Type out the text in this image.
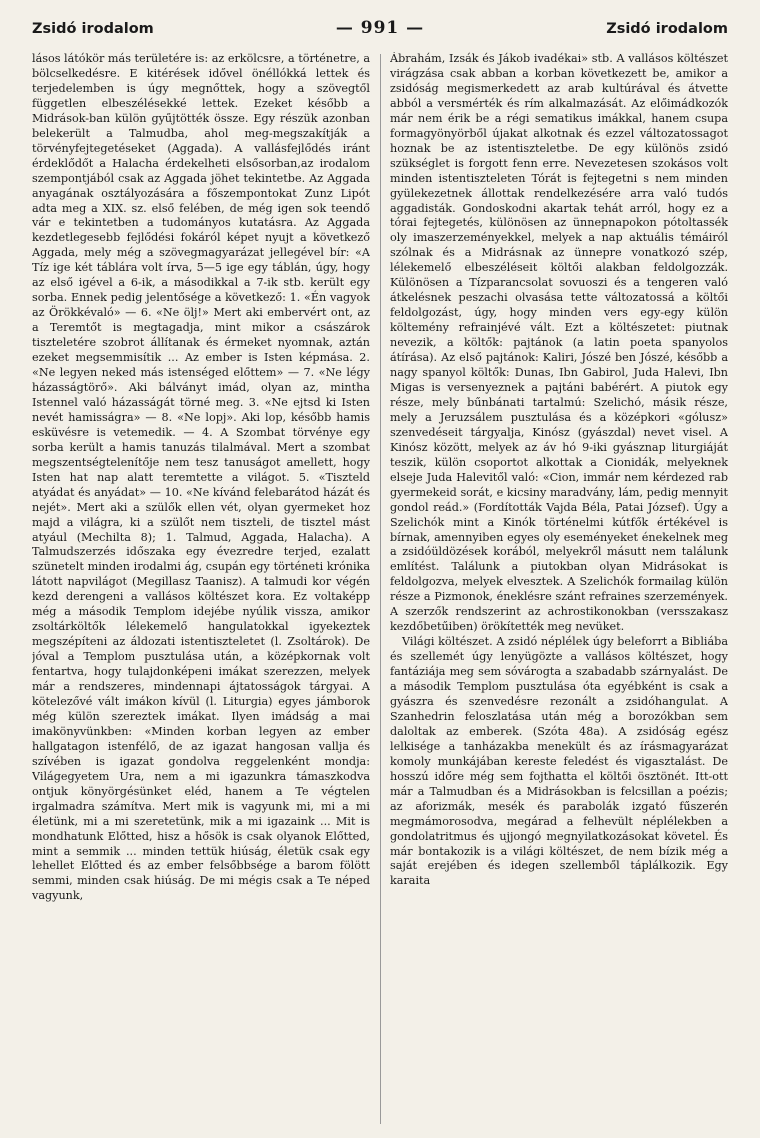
Zsidó irodalom	— 991 —	Zsidó irodalom

lásos látókör más területére is: az erkölcsre, a történetre, a bölcselkedésre. E kitérések idővel önéllókká lettek és terjedelemben is úgy megnőttek, hogy a szövegtől független elbeszélésekké lettek. Ezeket később a Midrások-ban külön gyűjtötték össze. Egy részük azonban belekerült a Talmudba, ahol meg-megszakítják a törvényfejtegetéseket (Aggada). A vallásfejlődés iránt érdeklődőt a Halacha érdekelheti elsősorban,az irodalom szempontjából csak az Aggada jöhet tekintetbe. Az Aggada anyagának osztályozására a főszempontokat Zunz Lipót adta meg a XIX. sz. első felében, de még igen sok teendő vár e tekintetben a tudományos kutatásra. Az Aggada kezdetlegesebb fejlődési fokáról képet nyujt a következő Aggada, mely még a szövegmagyarázat jellegével bír: «A Tíz ige két táblára volt írva, 5—5 ige egy táblán, úgy, hogy az első igével a 6-ik, a másodikkal a 7-ik stb. került egy sorba. Ennek pedig jelentősége a következő: 1. «Én vagyok az Örökkévaló» — 6. «Ne ölj!» Mert aki embervért ont, az a Teremtőt is megtagadja, mint mikor a császárok tiszteletére szobrot állítanak és érmeket nyomnak, aztán ezeket megsemmisítik ... Az ember is Isten képmása. 2. «Ne legyen neked más istenséged előttem» — 7. «Ne légy házasságtörő». Aki bálványt imád, olyan az, mintha Istennel való házasságát törné meg. 3. «Ne ejtsd ki Isten nevét hamisságra» — 8. «Ne lopj». Aki lop, később hamis esküvésre is vetemedik. — 4. A Szombat törvénye egy sorba került a hamis tanuzás tilalmával. Mert a szombat megszentségtelenítője nem tesz tanuságot amellett, hogy Isten hat nap alatt teremtette a világot. 5. «Tiszteld atyádat és anyádat» — 10. «Ne kívánd felebarátod házát és nejét». Mert aki a szülők ellen vét, olyan gyermeket hoz majd a világra, ki a szülőt nem tiszteli, de tisztel mást atyául (Mechilta 8); 1. Talmud, Aggada, Halacha). A Talmudszerzés időszaka egy évezredre terjed, ezalatt szünetelt minden irodalmi ág, csupán egy történeti krónika látott napvilágot (Megillasz Taanisz). A talmudi kor végén kezd derengeni a vallásos költészet kora. Ez voltaképp még a második Templom idejébe nyúlik vissza, amikor zsoltárköltők lélekemelő hangulatokkal igyekeztek megszépíteni az áldozati istentiszteletet (l. Zsoltárok). De jóval a Templom pusztulása után, a középkornak volt fentartva, hogy tulajdonképeni imákat szerezzen, melyek már a rendszeres, mindennapi ájtatosságok tárgyai. A kötelezővé vált imákon kívül (l. Liturgia) egyes jámborok még külön szereztek imákat. Ilyen imádság a mai imakönyvünkben: «Minden korban legyen az ember hallgatagon istenfélő, de az igazat hangosan vallja és szívében is igazat gondolva reggelenként mondja: Világegyetem Ura, nem a mi igazunkra támaszkodva ontjuk könyörgésünket eléd, hanem a Te végtelen irgalmadra számítva. Mert mik is vagyunk mi, mi a mi életünk, mi a mi szeretetünk, mik a mi igazaink ... Mit is mondhatunk Előtted, hisz a hősök is csak olyanok Előtted, mint a semmik ... minden tettük hiúság, életük csak egy lehellet Előtted és az ember felsőbbsége a barom fölött semmi, minden csak hiúság. De mi mégis csak a Te néped vagyunk,

Ábrahám, Izsák és Jákob ivadékai» stb. A vallásos költészet virágzása csak abban a korban következett be, amikor a zsidóság megismerkedett az arab kultúrával és átvette abból a versmérték és rím alkalmazását. Az előimádkozók már nem érik be a régi sematikus imákkal, hanem csupa formagyönyörből újakat alkotnak és ezzel változatossagot hoznak be az istentiszteletbe. De egy különös zsidó szükséglet is forgott fenn erre. Nevezetesen szokásos volt minden istentiszteleten Tórát is fejtegetni s nem minden gyülekezetnek állottak rendelkezésére arra való tudós aggadisták. Gondoskodni akartak tehát arról, hogy ez a tórai fejtegetés, különösen az ünnepnapokon pótoltassék oly imaszerzeményekkel, melyek a nap aktuális témáiról szólnak és a Midrásnak az ünnepre vonatkozó szép, lélekemelő elbeszéléseit költői alakban feldolgozzák. Különösen a Tízparancsolat sovuoszi és a tengeren való átkelésnek peszachi olvasása tette változatossá a költői feldolgozást, úgy, hogy minden vers egy-egy külön költemény refrainjévé vált. Ezt a költészetet: piutnak nevezik, a költők: pajtánok (a latin poeta spanyolos átírása). Az első pajtánok: Kaliri, Jószé ben Jószé, később a nagy spanyol költők: Dunas, Ibn Gabirol, Juda Halevi, Ibn Migas is versenyeznek a pajtáni babérért. A piutok egy része, mely bűnbánati tartalmú: Szelichó, másik része, mely a Jeruzsálem pusztulása és a középkori «gólusz» szenvedéseit tárgyalja, Kinósz (gyászdal) nevet visel. A Kinósz között, melyek az áv hó 9-iki gyásznap liturgiáját teszik, külön csoportot alkottak a Cionidák, melyeknek elseje Juda Halevitől való: «Cion, immár nem kérdezed rab gyermekeid sorát, e kicsiny maradvány, lám, pedig mennyit gondol reád.» (Fordították Vajda Béla, Patai József). Úgy a Szelichók mint a Kinók történelmi kútfők értékével is bírnak, amennyiben egyes oly eseményeket énekelnek meg a zsidóüldözések korából, melyekről másutt nem találunk említést. Találunk a piutokban olyan Midrásokat is feldolgozva, melyek elvesztek. A Szelichók formailag külön része a Pizmonok, éneklésre szánt refraines szerzemények. A szerzők rendszerint az achrostikonokban (versszakasz kezdőbetűiben) örökítették meg nevüket.

Világi költészet. A zsidó néplélek úgy beleforrt a Bibliába és szellemét úgy lenyügözte a vallásos költészet, hogy fantáziája meg sem sóvárogta a szabadabb szárnyalást. De a második Templom pusztulása óta egyébként is csak a gyászra és szenvedésre rezonált a zsidóhangulat. A Szanhedrin feloszlatása után még a borozókban sem daloltak az emberek. (Szóta 48a). A zsidóság egész lelkisége a tanházakba menekült és az írásmagyarázat komoly munkájában kereste feledést és vigasztalást. De hosszú időre még sem fojthatta el költői ösztönét. Itt-ott már a Talmudban és a Midrásokban is felcsillan a poézis; az aforizmák, mesék és parabolák izgató fűszerén megmámorosodva, megárad a felhevült néplélekben a gondolatritmus és ujjongó megnyilatkozásokat követel. És már bontakozik is a világi költészet, de nem bízik még a saját erejében és idegen szellemből táplálkozik. Egy karaita
